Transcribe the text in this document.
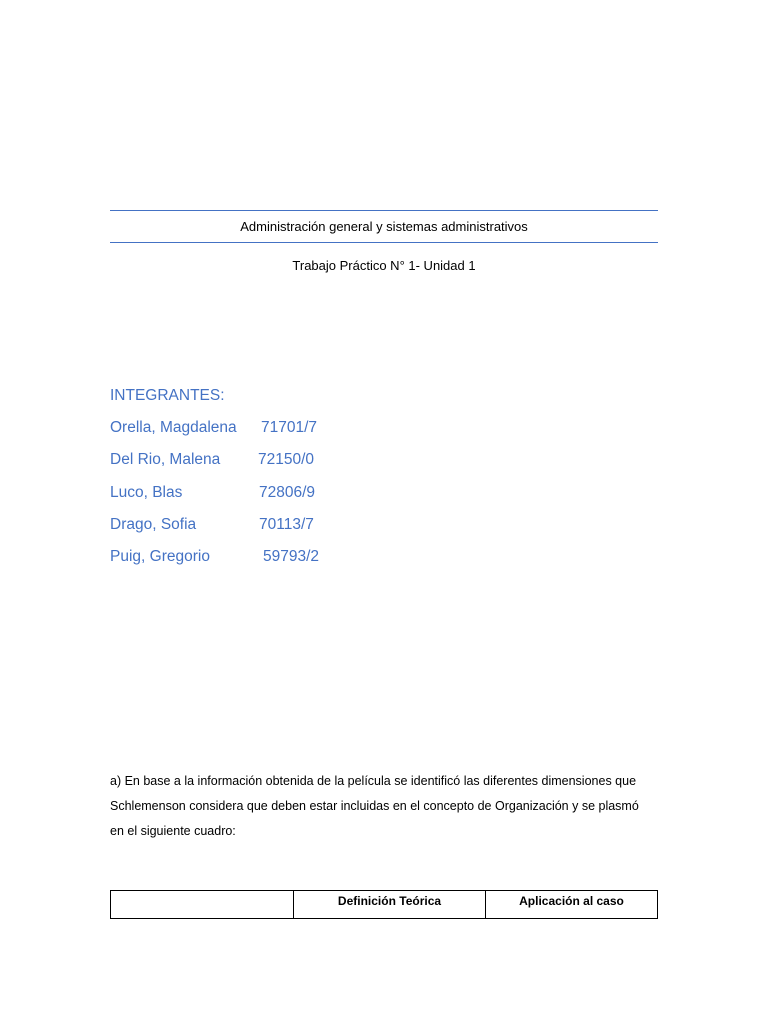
Administración general y sistemas administrativos
Trabajo Práctico N° 1- Unidad 1
INTEGRANTES:
Orella, Magdalena 71701/7
Del Rio, Malena 72150/0
Luco, Blas	72806/9
Drago, Sofia	70113/7
Puig, Gregorio	59793/2
a) En base a la información obtenida de la película se identificó las diferentes dimensiones que
Schlemenson considera que deben estar incluidas en el concepto de Organización y se plasmó
en el siguiente cuadro:
Definición Teórica	Aplicación al caso
